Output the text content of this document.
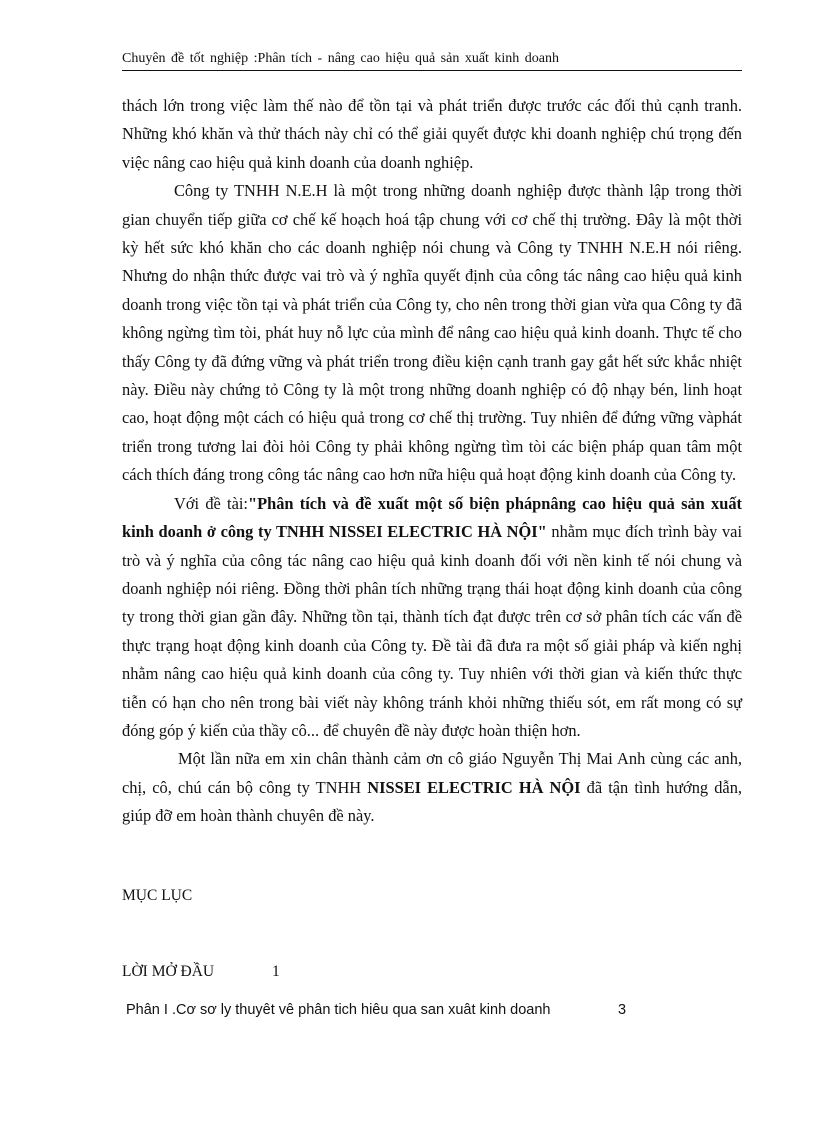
Chuyên đề tốt nghiệp :Phân tích - nâng cao hiệu quả sản xuất kinh doanh

thách lớn trong việc làm thế nào để tồn tại và phát triển được trước các đối thủ cạnh tranh. Những khó khăn và thử thách này chỉ có thể giải quyết được khi doanh nghiệp chú trọng đến việc nâng cao hiệu quả kinh doanh của doanh nghiệp.

Công ty TNHH N.E.H là một trong những doanh nghiệp được thành lập trong thời gian chuyển tiếp giữa cơ chế kế hoạch hoá tập chung với cơ chế thị trường. Đây là một thời kỳ hết sức khó khăn cho các doanh nghiệp nói chung và Công ty TNHH N.E.H nói riêng. Nhưng do nhận thức được vai trò và ý nghĩa quyết định của công tác nâng cao hiệu quả kinh doanh trong việc tồn tại và phát triển của Công ty, cho nên trong thời gian vừa qua Công ty đã không ngừng tìm tòi, phát huy nỗ lực của mình để nâng cao hiệu quả kinh doanh. Thực tế cho thấy Công ty đã đứng vững và phát triển trong điều kiện cạnh tranh gay gắt hết sức khắc nhiệt này. Điều này chứng tỏ Công ty là một trong những doanh nghiệp có độ nhạy bén, linh hoạt cao, hoạt động một cách có hiệu quả trong cơ chế thị trường. Tuy nhiên để đứng vững vàphát triển trong tương lai đòi hỏi Công ty phải không ngừng tìm tòi các biện pháp quan tâm một cách thích đáng trong công tác nâng cao hơn nữa hiệu quả hoạt động kinh doanh của Công ty.

Với đề tài:"Phân tích và đề xuất một số biện phápnâng cao hiệu quả sản xuất kinh doanh ở công ty TNHH NISSEI ELECTRIC HÀ NỘI" nhằm mục đích trình bày vai trò và ý nghĩa của công tác nâng cao hiệu quả kinh doanh đối với nền kinh tế nói chung và doanh nghiệp nói riêng. Đồng thời phân tích những trạng thái hoạt động kinh doanh của công ty trong thời gian gần đây. Những tồn tại, thành tích đạt được trên cơ sở phân tích các vấn đề thực trạng hoạt động kinh doanh của Công ty. Đề tài đã đưa ra một số giải pháp và kiến nghị nhằm nâng cao hiệu quả kinh doanh của công ty. Tuy nhiên với thời gian và kiến thức thực tiễn có hạn cho nên trong bài viết này không tránh khỏi những thiếu sót, em rất mong có sự đóng góp ý kiến của thầy cô... để chuyên đề này được hoàn thiện hơn.

Một lần nữa em xin chân thành cảm ơn cô giáo Nguyễn Thị Mai Anh cùng các anh, chị, cô, chú cán bộ công ty TNHH NISSEI ELECTRIC HÀ NỘI đã tận tình hướng dẫn, giúp đỡ em hoàn thành chuyên đề này.

MỤC LỤC
LỜI MỞ ĐẦU	1
Phân I .Cơ sơ ly thuyêt vê phân tich hiêu qua san xuât kinh doanh	3
